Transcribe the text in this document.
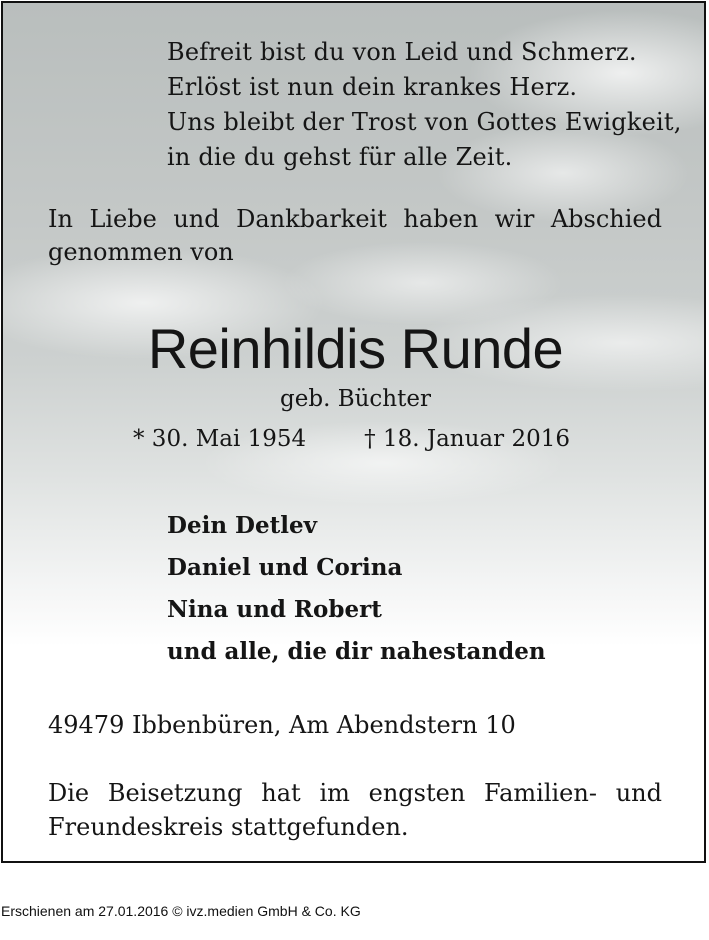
Befreit bist du von Leid und Schmerz.
Erlöst ist nun dein krankes Herz.
Uns bleibt der Trost von Gottes Ewigkeit,
in die du gehst für alle Zeit.
In Liebe und Dankbarkeit haben wir Abschied
genommen von
Reinhildis Runde
geb. Büchter
* 30. Mai 1954	† 18. Januar 2016
Dein Detlev
Daniel und Corina
Nina und Robert
und alle, die dir nahestanden
49479 Ibbenbüren, Am Abendstern 10
Die Beisetzung hat im engsten Familien- und
Freundeskreis stattgefunden.
Erschienen am 27.01.2016 © ivz.medien GmbH & Co. KG
